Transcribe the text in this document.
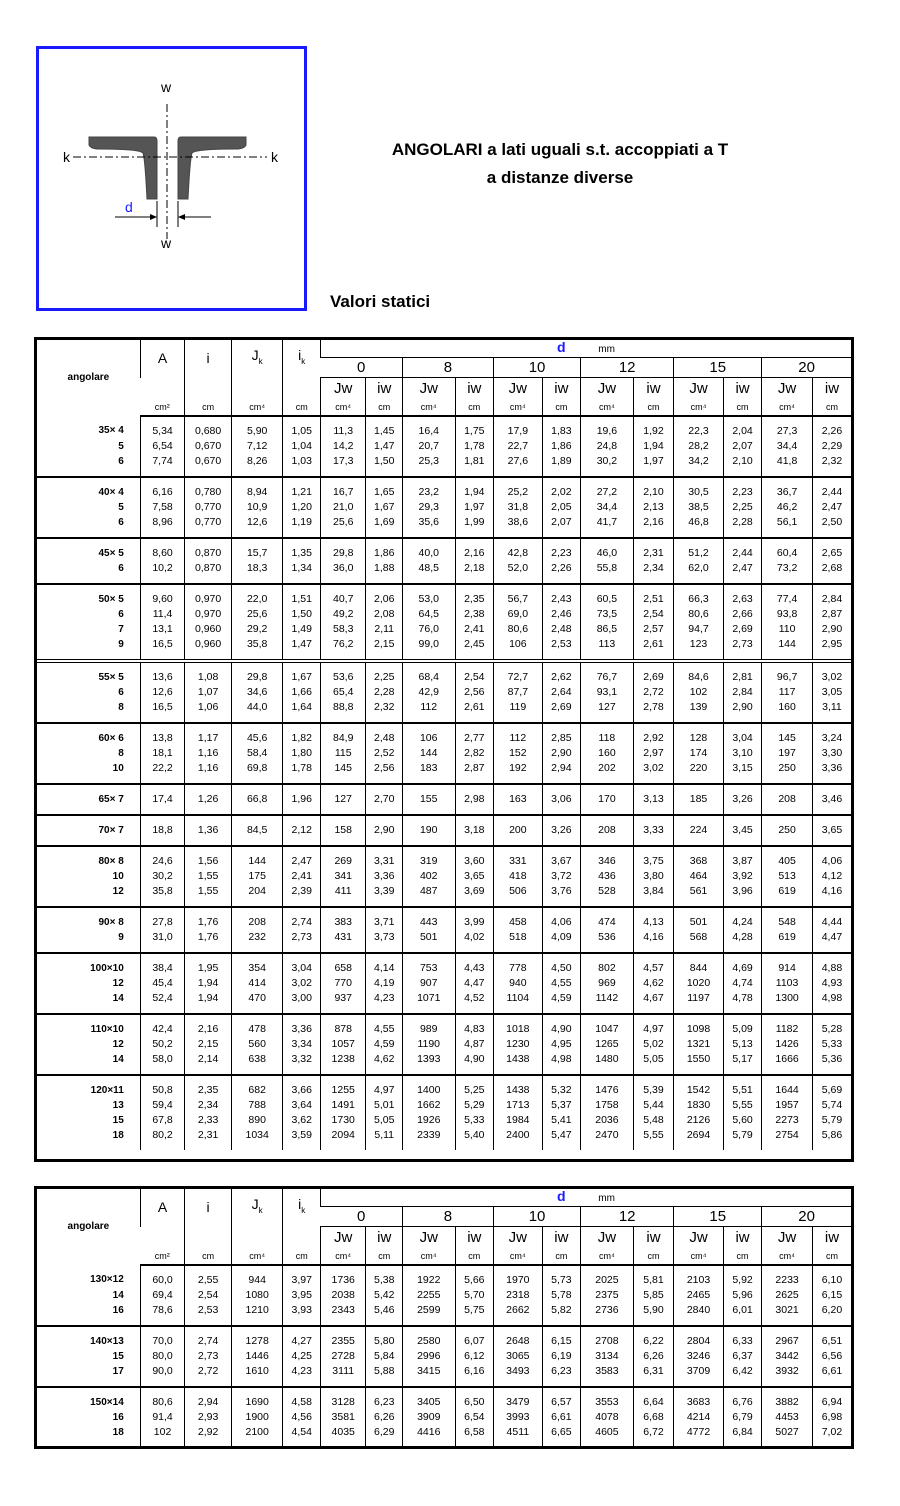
w
w
k	k
d
ANGOLARI a lati uguali s.t. accoppiati a T
a distanze diverse
Valori statici
angolare	A	i	$J_k$	$i_k$	d mm											
					0		8		10		12		15		20	
					Jw	iw	Jw	iw	Jw	iw	Jw	iw	Jw	iw	Jw	iw
	cm²	cm	cm⁴	cm	cm⁴	cm	cm⁴	cm	cm⁴	cm	cm⁴	cm	cm⁴	cm	cm⁴	cm
35× 4	5,34	0,680	5,90	1,05	11,3	1,45	16,4	1,75	17,9	1,83	19,6	1,92	22,3	2,04	27,3	2,26
5	6,54	0,670	7,12	1,04	14,2	1,47	20,7	1,78	22,7	1,86	24,8	1,94	28,2	2,07	34,4	2,29
6	7,74	0,670	8,26	1,03	17,3	1,50	25,3	1,81	27,6	1,89	30,2	1,97	34,2	2,10	41,8	2,32
40× 4	6,16	0,780	8,94	1,21	16,7	1,65	23,2	1,94	25,2	2,02	27,2	2,10	30,5	2,23	36,7	2,44
5	7,58	0,770	10,9	1,20	21,0	1,67	29,3	1,97	31,8	2,05	34,4	2,13	38,5	2,25	46,2	2,47
6	8,96	0,770	12,6	1,19	25,6	1,69	35,6	1,99	38,6	2,07	41,7	2,16	46,8	2,28	56,1	2,50
45× 5	8,60	0,870	15,7	1,35	29,8	1,86	40,0	2,16	42,8	2,23	46,0	2,31	51,2	2,44	60,4	2,65
6	10,2	0,870	18,3	1,34	36,0	1,88	48,5	2,18	52,0	2,26	55,8	2,34	62,0	2,47	73,2	2,68
50× 5	9,60	0,970	22,0	1,51	40,7	2,06	53,0	2,35	56,7	2,43	60,5	2,51	66,3	2,63	77,4	2,84
6	11,4	0,970	25,6	1,50	49,2	2,08	64,5	2,38	69,0	2,46	73,5	2,54	80,6	2,66	93,8	2,87
7	13,1	0,960	29,2	1,49	58,3	2,11	76,0	2,41	80,6	2,48	86,5	2,57	94,7	2,69	110	2,90
9	16,5	0,960	35,8	1,47	76,2	2,15	99,0	2,45	106	2,53	113	2,61	123	2,73	144	2,95
55× 5	13,6	1,08	29,8	1,67	53,6	2,25	68,4	2,54	72,7	2,62	76,7	2,69	84,6	2,81	96,7	3,02
6	12,6	1,07	34,6	1,66	65,4	2,28	42,9	2,56	87,7	2,64	93,1	2,72	102	2,84	117	3,05
8	16,5	1,06	44,0	1,64	88,8	2,32	112	2,61	119	2,69	127	2,78	139	2,90	160	3,11
60× 6	13,8	1,17	45,6	1,82	84,9	2,48	106	2,77	112	2,85	118	2,92	128	3,04	145	3,24
8	18,1	1,16	58,4	1,80	115	2,52	144	2,82	152	2,90	160	2,97	174	3,10	197	3,30
10	22,2	1,16	69,8	1,78	145	2,56	183	2,87	192	2,94	202	3,02	220	3,15	250	3,36
65× 7	17,4	1,26	66,8	1,96	127	2,70	155	2,98	163	3,06	170	3,13	185	3,26	208	3,46
70× 7	18,8	1,36	84,5	2,12	158	2,90	190	3,18	200	3,26	208	3,33	224	3,45	250	3,65
80× 8	24,6	1,56	144	2,47	269	3,31	319	3,60	331	3,67	346	3,75	368	3,87	405	4,06
10	30,2	1,55	175	2,41	341	3,36	402	3,65	418	3,72	436	3,80	464	3,92	513	4,12
12	35,8	1,55	204	2,39	411	3,39	487	3,69	506	3,76	528	3,84	561	3,96	619	4,16
90× 8	27,8	1,76	208	2,74	383	3,71	443	3,99	458	4,06	474	4,13	501	4,24	548	4,44
9	31,0	1,76	232	2,73	431	3,73	501	4,02	518	4,09	536	4,16	568	4,28	619	4,47
100×10	38,4	1,95	354	3,04	658	4,14	753	4,43	778	4,50	802	4,57	844	4,69	914	4,88
12	45,4	1,94	414	3,02	770	4,19	907	4,47	940	4,55	969	4,62	1020	4,74	1103	4,93
14	52,4	1,94	470	3,00	937	4,23	1071	4,52	1104	4,59	1142	4,67	1197	4,78	1300	4,98
110×10	42,4	2,16	478	3,36	878	4,55	989	4,83	1018	4,90	1047	4,97	1098	5,09	1182	5,28
12	50,2	2,15	560	3,34	1057	4,59	1190	4,87	1230	4,95	1265	5,02	1321	5,13	1426	5,33
14	58,0	2,14	638	3,32	1238	4,62	1393	4,90	1438	4,98	1480	5,05	1550	5,17	1666	5,36
120×11	50,8	2,35	682	3,66	1255	4,97	1400	5,25	1438	5,32	1476	5,39	1542	5,51	1644	5,69
13	59,4	2,34	788	3,64	1491	5,01	1662	5,29	1713	5,37	1758	5,44	1830	5,55	1957	5,74
15	67,8	2,33	890	3,62	1730	5,05	1926	5,33	1984	5,41	2036	5,48	2126	5,60	2273	5,79
18	80,2	2,31	1034	3,59	2094	5,11	2339	5,40	2400	5,47	2470	5,55	2694	5,79	2754	5,86
angolare	A	i	$J_k$	$i_k$	d mm											
					0		8		10		12		15		20	
					Jw	iw	Jw	iw	Jw	iw	Jw	iw	Jw	iw	Jw	iw
	cm²	cm	cm⁴	cm	cm⁴	cm	cm⁴	cm	cm⁴	cm	cm⁴	cm	cm⁴	cm	cm⁴	cm
130×12	60,0	2,55	944	3,97	1736	5,38	1922	5,66	1970	5,73	2025	5,81	2103	5,92	2233	6,10
14	69,4	2,54	1080	3,95	2038	5,42	2255	5,70	2318	5,78	2375	5,85	2465	5,96	2625	6,15
16	78,6	2,53	1210	3,93	2343	5,46	2599	5,75	2662	5,82	2736	5,90	2840	6,01	3021	6,20
140×13	70,0	2,74	1278	4,27	2355	5,80	2580	6,07	2648	6,15	2708	6,22	2804	6,33	2967	6,51
15	80,0	2,73	1446	4,25	2728	5,84	2996	6,12	3065	6,19	3134	6,26	3246	6,37	3442	6,56
17	90,0	2,72	1610	4,23	3111	5,88	3415	6,16	3493	6,23	3583	6,31	3709	6,42	3932	6,61
150×14	80,6	2,94	1690	4,58	3128	6,23	3405	6,50	3479	6,57	3553	6,64	3683	6,76	3882	6,94
16	91,4	2,93	1900	4,56	3581	6,26	3909	6,54	3993	6,61	4078	6,68	4214	6,79	4453	6,98
18	102	2,92	2100	4,54	4035	6,29	4416	6,58	4511	6,65	4605	6,72	4772	6,84	5027	7,02
